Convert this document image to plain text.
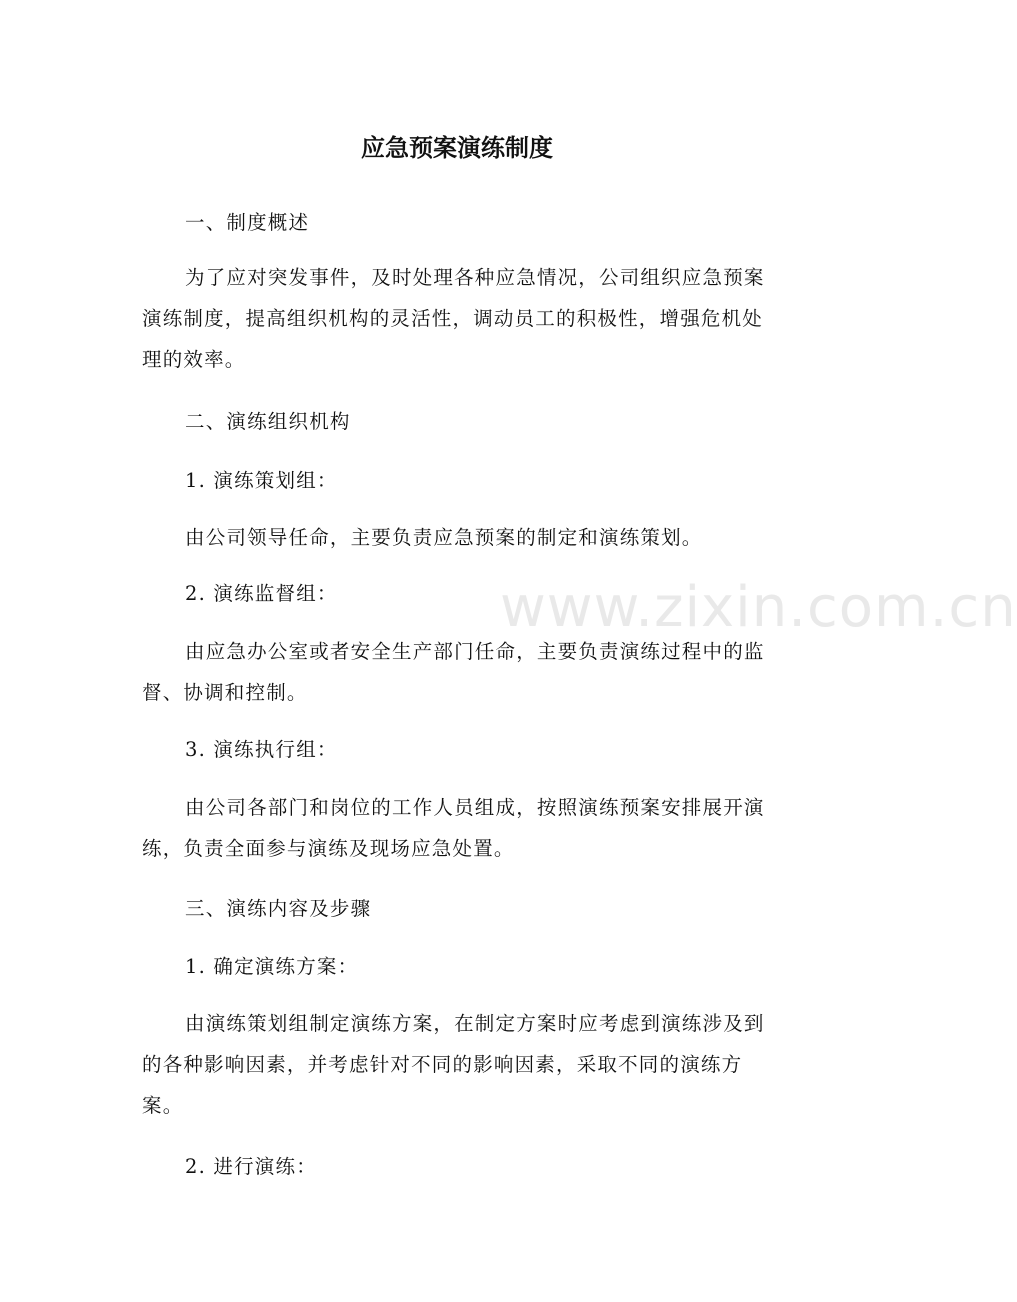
www.zixin.com.cn
应急预案演练制度

一、制度概述

为了应对突发事件，及时处理各种应急情况，公司组织应急预案演练制度，提高组织机构的灵活性，调动员工的积极性，增强危机处理的效率。

二、演练组织机构

1. 演练策划组：

由公司领导任命，主要负责应急预案的制定和演练策划。

2. 演练监督组：

由应急办公室或者安全生产部门任命，主要负责演练过程中的监督、协调和控制。

3. 演练执行组：

由公司各部门和岗位的工作人员组成，按照演练预案安排展开演练，负责全面参与演练及现场应急处置。

三、演练内容及步骤

1. 确定演练方案：

由演练策划组制定演练方案，在制定方案时应考虑到演练涉及到的各种影响因素，并考虑针对不同的影响因素，采取不同的演练方案。

2. 进行演练：
